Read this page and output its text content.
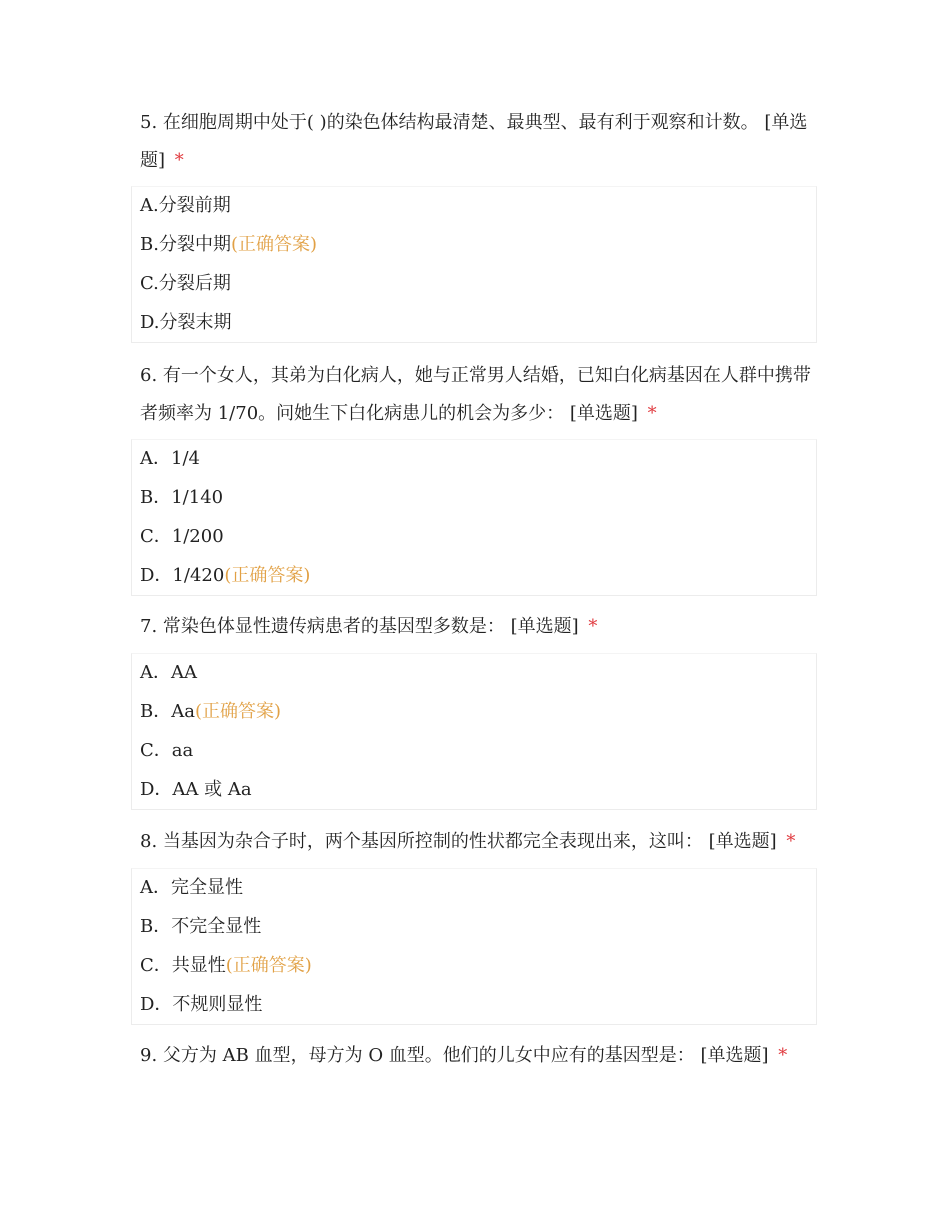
5. 在细胞周期中处于( )的染色体结构最清楚、最典型、最有利于观察和计数。 [单选题] *
A.分裂前期
B.分裂中期(正确答案)
C.分裂后期
D.分裂末期
6. 有一个女人，其弟为白化病人，她与正常男人结婚，已知白化病基因在人群中携带者频率为 1/70。问她生下白化病患儿的机会为多少： [单选题] *
A．1/4
B．1/140
C．1/200
D．1/420(正确答案)
7. 常染色体显性遗传病患者的基因型多数是： [单选题] *
A．AA
B．Aa(正确答案)
C．aa
D．AA 或 Aa
8. 当基因为杂合子时，两个基因所控制的性状都完全表现出来，这叫： [单选题] *
A．完全显性
B．不完全显性
C．共显性(正确答案)
D．不规则显性
9. 父方为 AB 血型，母方为 O 血型。他们的儿女中应有的基因型是： [单选题] *
